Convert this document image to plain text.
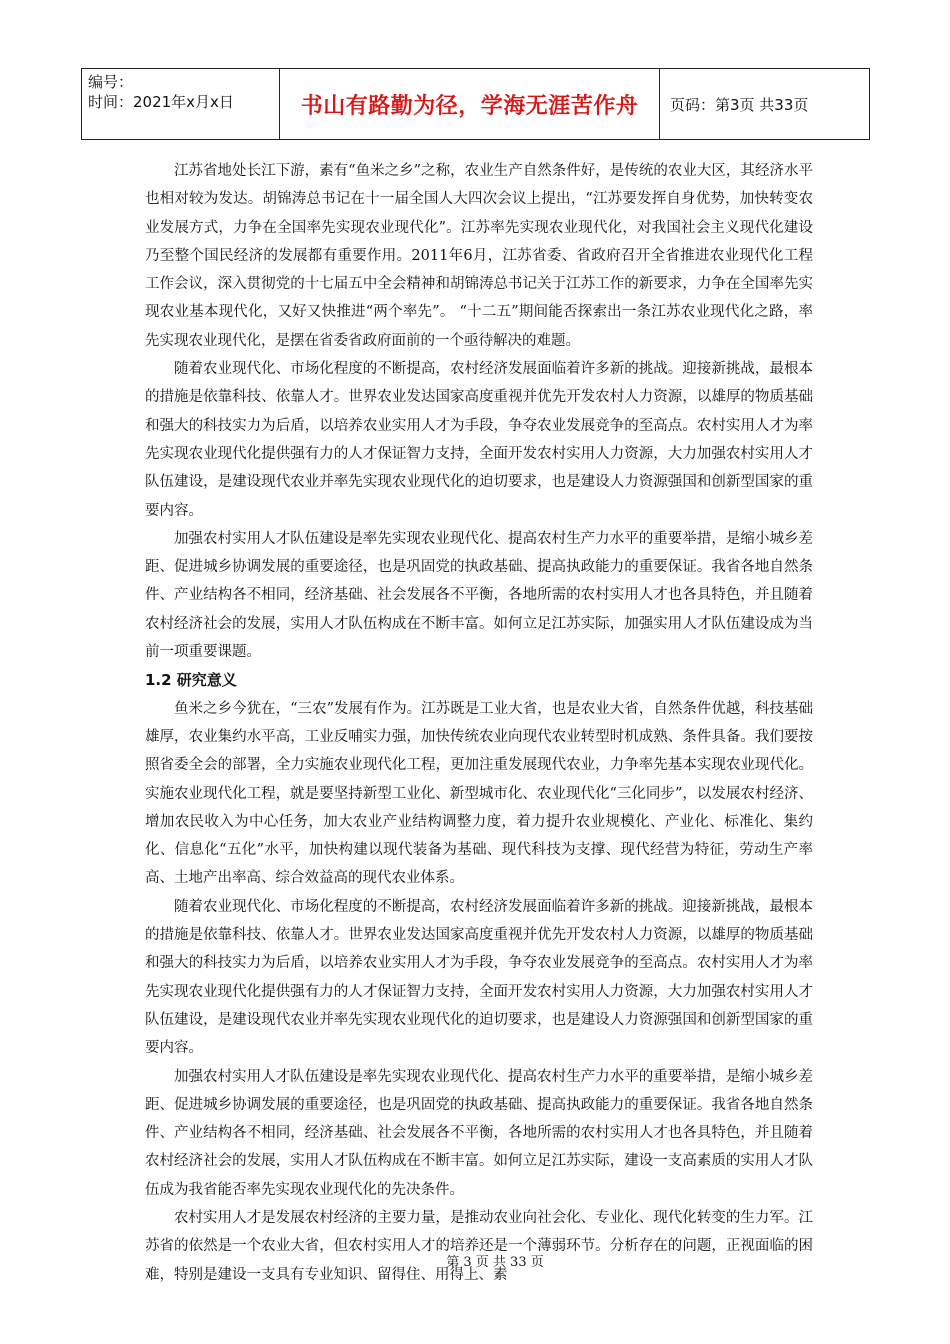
编号：
时间：2021年x月x日	书山有路勤为径，学海无涯苦作舟	页码：第3页 共33页

江苏省地处长江下游，素有“鱼米之乡”之称，农业生产自然条件好，是传统的农业大区，其经济水平也相对较为发达。胡锦涛总书记在十一届全国人大四次会议上提出，“江苏要发挥自身优势，加快转变农业发展方式，力争在全国率先实现农业现代化”。江苏率先实现农业现代化，对我国社会主义现代化建设乃至整个国民经济的发展都有重要作用。2011年6月，江苏省委、省政府召开全省推进农业现代化工程工作会议，深入贯彻党的十七届五中全会精神和胡锦涛总书记关于江苏工作的新要求，力争在全国率先实现农业基本现代化，又好又快推进“两个率先”。 “十二五”期间能否探索出一条江苏农业现代化之路，率先实现农业现代化，是摆在省委省政府面前的一个亟待解决的难题。

随着农业现代化、市场化程度的不断提高，农村经济发展面临着许多新的挑战。迎接新挑战，最根本的措施是依靠科技、依靠人才。世界农业发达国家高度重视并优先开发农村人力资源，以雄厚的物质基础和强大的科技实力为后盾，以培养农业实用人才为手段，争夺农业发展竞争的至高点。农村实用人才为率先实现农业现代化提供强有力的人才保证智力支持，全面开发农村实用人力资源，大力加强农村实用人才队伍建设，是建设现代农业并率先实现农业现代化的迫切要求，也是建设人力资源强国和创新型国家的重要内容。

加强农村实用人才队伍建设是率先实现农业现代化、提高农村生产力水平的重要举措，是缩小城乡差距、促进城乡协调发展的重要途径，也是巩固党的执政基础、提高执政能力的重要保证。我省各地自然条件、产业结构各不相同，经济基础、社会发展各不平衡，各地所需的农村实用人才也各具特色，并且随着农村经济社会的发展，实用人才队伍构成在不断丰富。如何立足江苏实际，加强实用人才队伍建设成为当前一项重要课题。

1.2 研究意义

鱼米之乡今犹在，“三农”发展有作为。江苏既是工业大省，也是农业大省，自然条件优越，科技基础雄厚，农业集约水平高，工业反哺实力强，加快传统农业向现代农业转型时机成熟、条件具备。我们要按照省委全会的部署，全力实施农业现代化工程，更加注重发展现代农业，力争率先基本实现农业现代化。 实施农业现代化工程，就是要坚持新型工业化、新型城市化、农业现代化“三化同步”，以发展农村经济、增加农民收入为中心任务，加大农业产业结构调整力度，着力提升农业规模化、产业化、标准化、集约化、信息化“五化”水平，加快构建以现代装备为基础、现代科技为支撑、现代经营为特征，劳动生产率高、土地产出率高、综合效益高的现代农业体系。

随着农业现代化、市场化程度的不断提高，农村经济发展面临着许多新的挑战。迎接新挑战，最根本的措施是依靠科技、依靠人才。世界农业发达国家高度重视并优先开发农村人力资源，以雄厚的物质基础和强大的科技实力为后盾，以培养农业实用人才为手段，争夺农业发展竞争的至高点。农村实用人才为率先实现农业现代化提供强有力的人才保证智力支持，全面开发农村实用人力资源，大力加强农村实用人才队伍建设，是建设现代农业并率先实现农业现代化的迫切要求，也是建设人力资源强国和创新型国家的重要内容。

加强农村实用人才队伍建设是率先实现农业现代化、提高农村生产力水平的重要举措，是缩小城乡差距、促进城乡协调发展的重要途径，也是巩固党的执政基础、提高执政能力的重要保证。我省各地自然条件、产业结构各不相同，经济基础、社会发展各不平衡，各地所需的农村实用人才也各具特色，并且随着农村经济社会的发展，实用人才队伍构成在不断丰富。如何立足江苏实际，建设一支高素质的实用人才队伍成为我省能否率先实现农业现代化的先决条件。

农村实用人才是发展农村经济的主要力量，是推动农业向社会化、专业化、现代化转变的生力军。江苏省的依然是一个农业大省，但农村实用人才的培养还是一个薄弱环节。分析存在的问题，正视面临的困难，特别是建设一支具有专业知识、留得住、用得上、素

第 3 页 共 33 页
